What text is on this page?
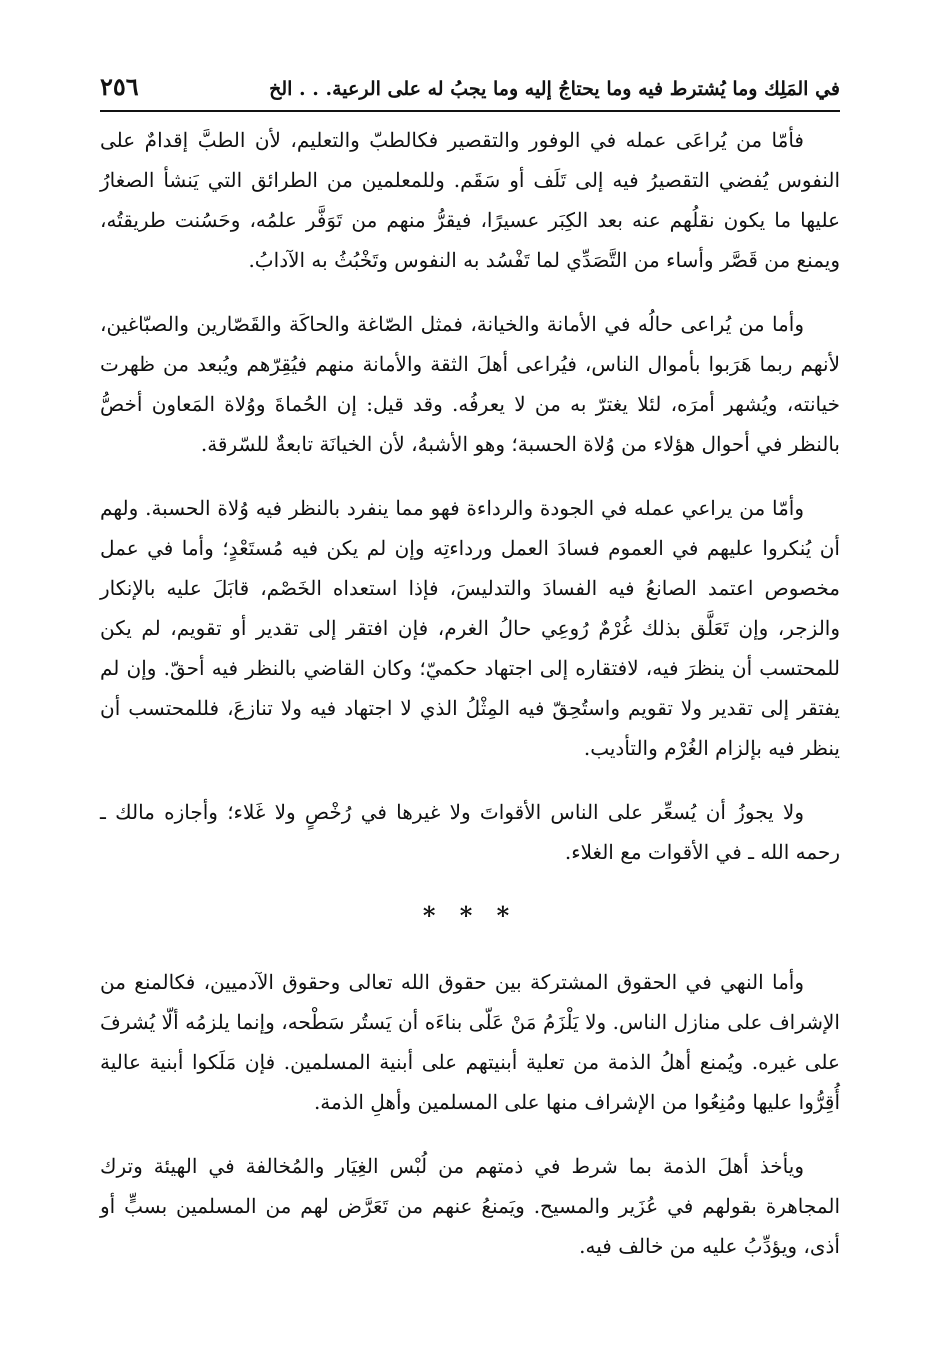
٢٥٦	في المَلِك وما يُشترط فيه وما يحتاجُ إليه وما يجبُ له على الرعية. . . الخ

فأمّا من يُراعَى عمله في الوفور والتقصير فكالطبّ والتعليم، لأن الطبَّ إقدامٌ على النفوس يُفضي التقصيرُ فيه إلى تَلَف أو سَقَم. وللمعلمين من الطرائق التي يَنشأ الصغارُ عليها ما يكون نقلُهم عنه بعد الكِبَر عسيرًا، فيقرُّ منهم من تَوَفَّر علمُه، وحَسُنت طريقتُه، ويمنع من قَصَّر وأساء من التَّصَدِّي لما تَفْسُد به النفوس وتَخْبُثُ به الآدابُ.

وأما من يُراعى حالُه في الأمانة والخيانة، فمثل الصّاغة والحاكَة والقَصّارين والصبّاغين، لأنهم ربما هَرَبوا بأموال الناس، فيُراعى أهلَ الثقة والأمانة منهم فيُقِرّهم ويُبعد من ظهرت خيانته، ويُشهر أمرَه، لئلا يغترّ به من لا يعرفُه. وقد قيل: إن الحُماةَ ووُلاة المَعاون أخصُّ بالنظر في أحوال هؤلاء من وُلاة الحسبة؛ وهو الأشبهُ، لأن الخيانَة تابعةٌ للسّرقة.

وأمّا من يراعي عمله في الجودة والرداءة فهو مما ينفرد بالنظر فيه وُلاة الحسبة. ولهم أن يُنكروا عليهم في العموم فسادَ العمل ورداءتِه وإن لم يكن فيه مُستَعْدٍ؛ وأما في عمل مخصوص اعتمد الصانعُ فيه الفسادَ والتدليسَ، فإذا استعداه الخَصْم، قابَلَ عليه بالإنكار والزجر، وإن تَعَلَّق بذلك غُرْمٌ رُوعِي حالُ الغرم، فإن افتقر إلى تقدير أو تقويم، لم يكن للمحتسب أن ينظرَ فيه، لافتقاره إلى اجتهاد حكميّ؛ وكان القاضي بالنظر فيه أحقّ. وإن لم يفتقر إلى تقدير ولا تقويم واستُحِقّ فيه المِثْلُ الذي لا اجتهاد فيه ولا تنازعَ، فللمحتسب أن ينظر فيه بإلزام الغُرْم والتأديب.

ولا يجوزُ أن يُسعِّر على الناس الأقواتَ ولا غيرها في رُخْصٍ ولا غَلاء؛ وأجازه مالك ـ رحمه الله ـ في الأقوات مع الغلاء.

* * *

وأما النهي في الحقوق المشتركة بين حقوق الله تعالى وحقوق الآدميين، فكالمنع من الإشراف على منازل الناس. ولا يَلْزَمُ مَنْ عَلّى بناءَه أن يَستُر سَطْحه، وإنما يلزمُه ألّا يُشرفَ على غيره. ويُمنع أهلُ الذمة من تعلية أبنيتهم على أبنية المسلمين. فإن مَلَكوا أبنية عالية أُقِرُّوا عليها ومُنِعُوا من الإشراف منها على المسلمين وأهلِ الذمة.

ويأخذ أهلَ الذمة بما شرط في ذمتهم من لُبْس الغِيَار والمُخالفة في الهيئة وترك المجاهرة بقولهم في عُزَير والمسيح. ويَمنعُ عنهم من تَعَرَّض لهم من المسلمين بسبٍّ أو أذى، ويؤدِّبُ عليه من خالف فيه.
